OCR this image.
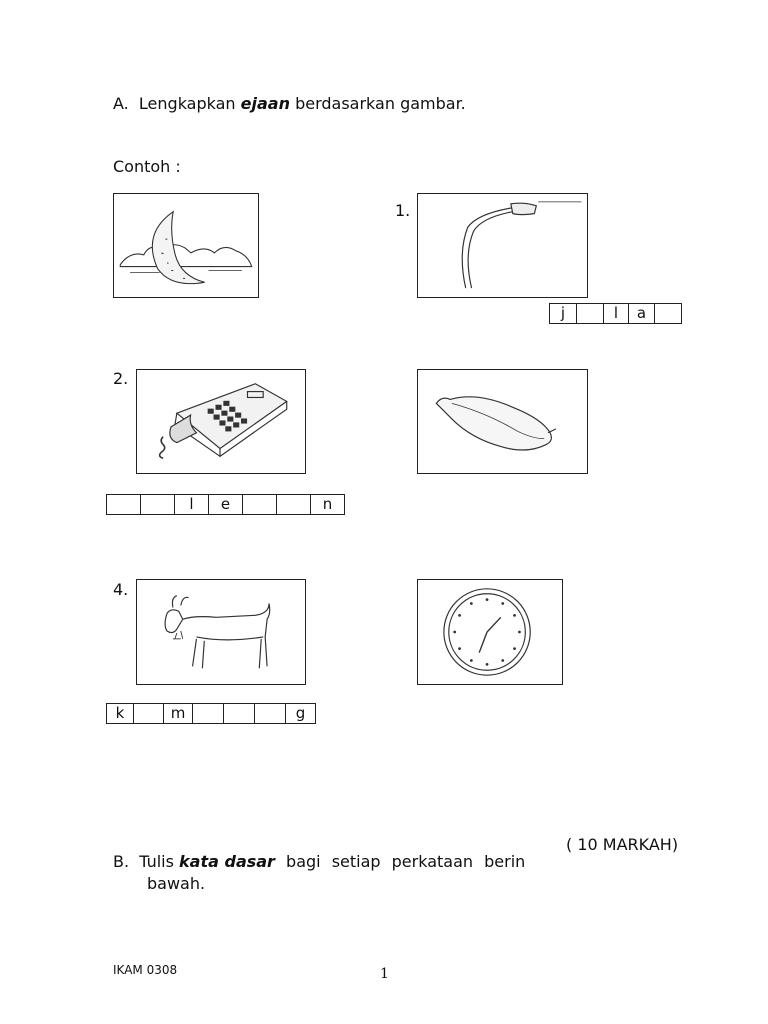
A. Lengkapkan ejaan berdasarkan gambar.
Contoh :
1.
j	l	a
2.
l	e	n
4.
k	m	g
( 10 MARKAH)
B. Tulis kata dasar bagi setiap perkataan berin
bawah.
IKAM 0308	1
